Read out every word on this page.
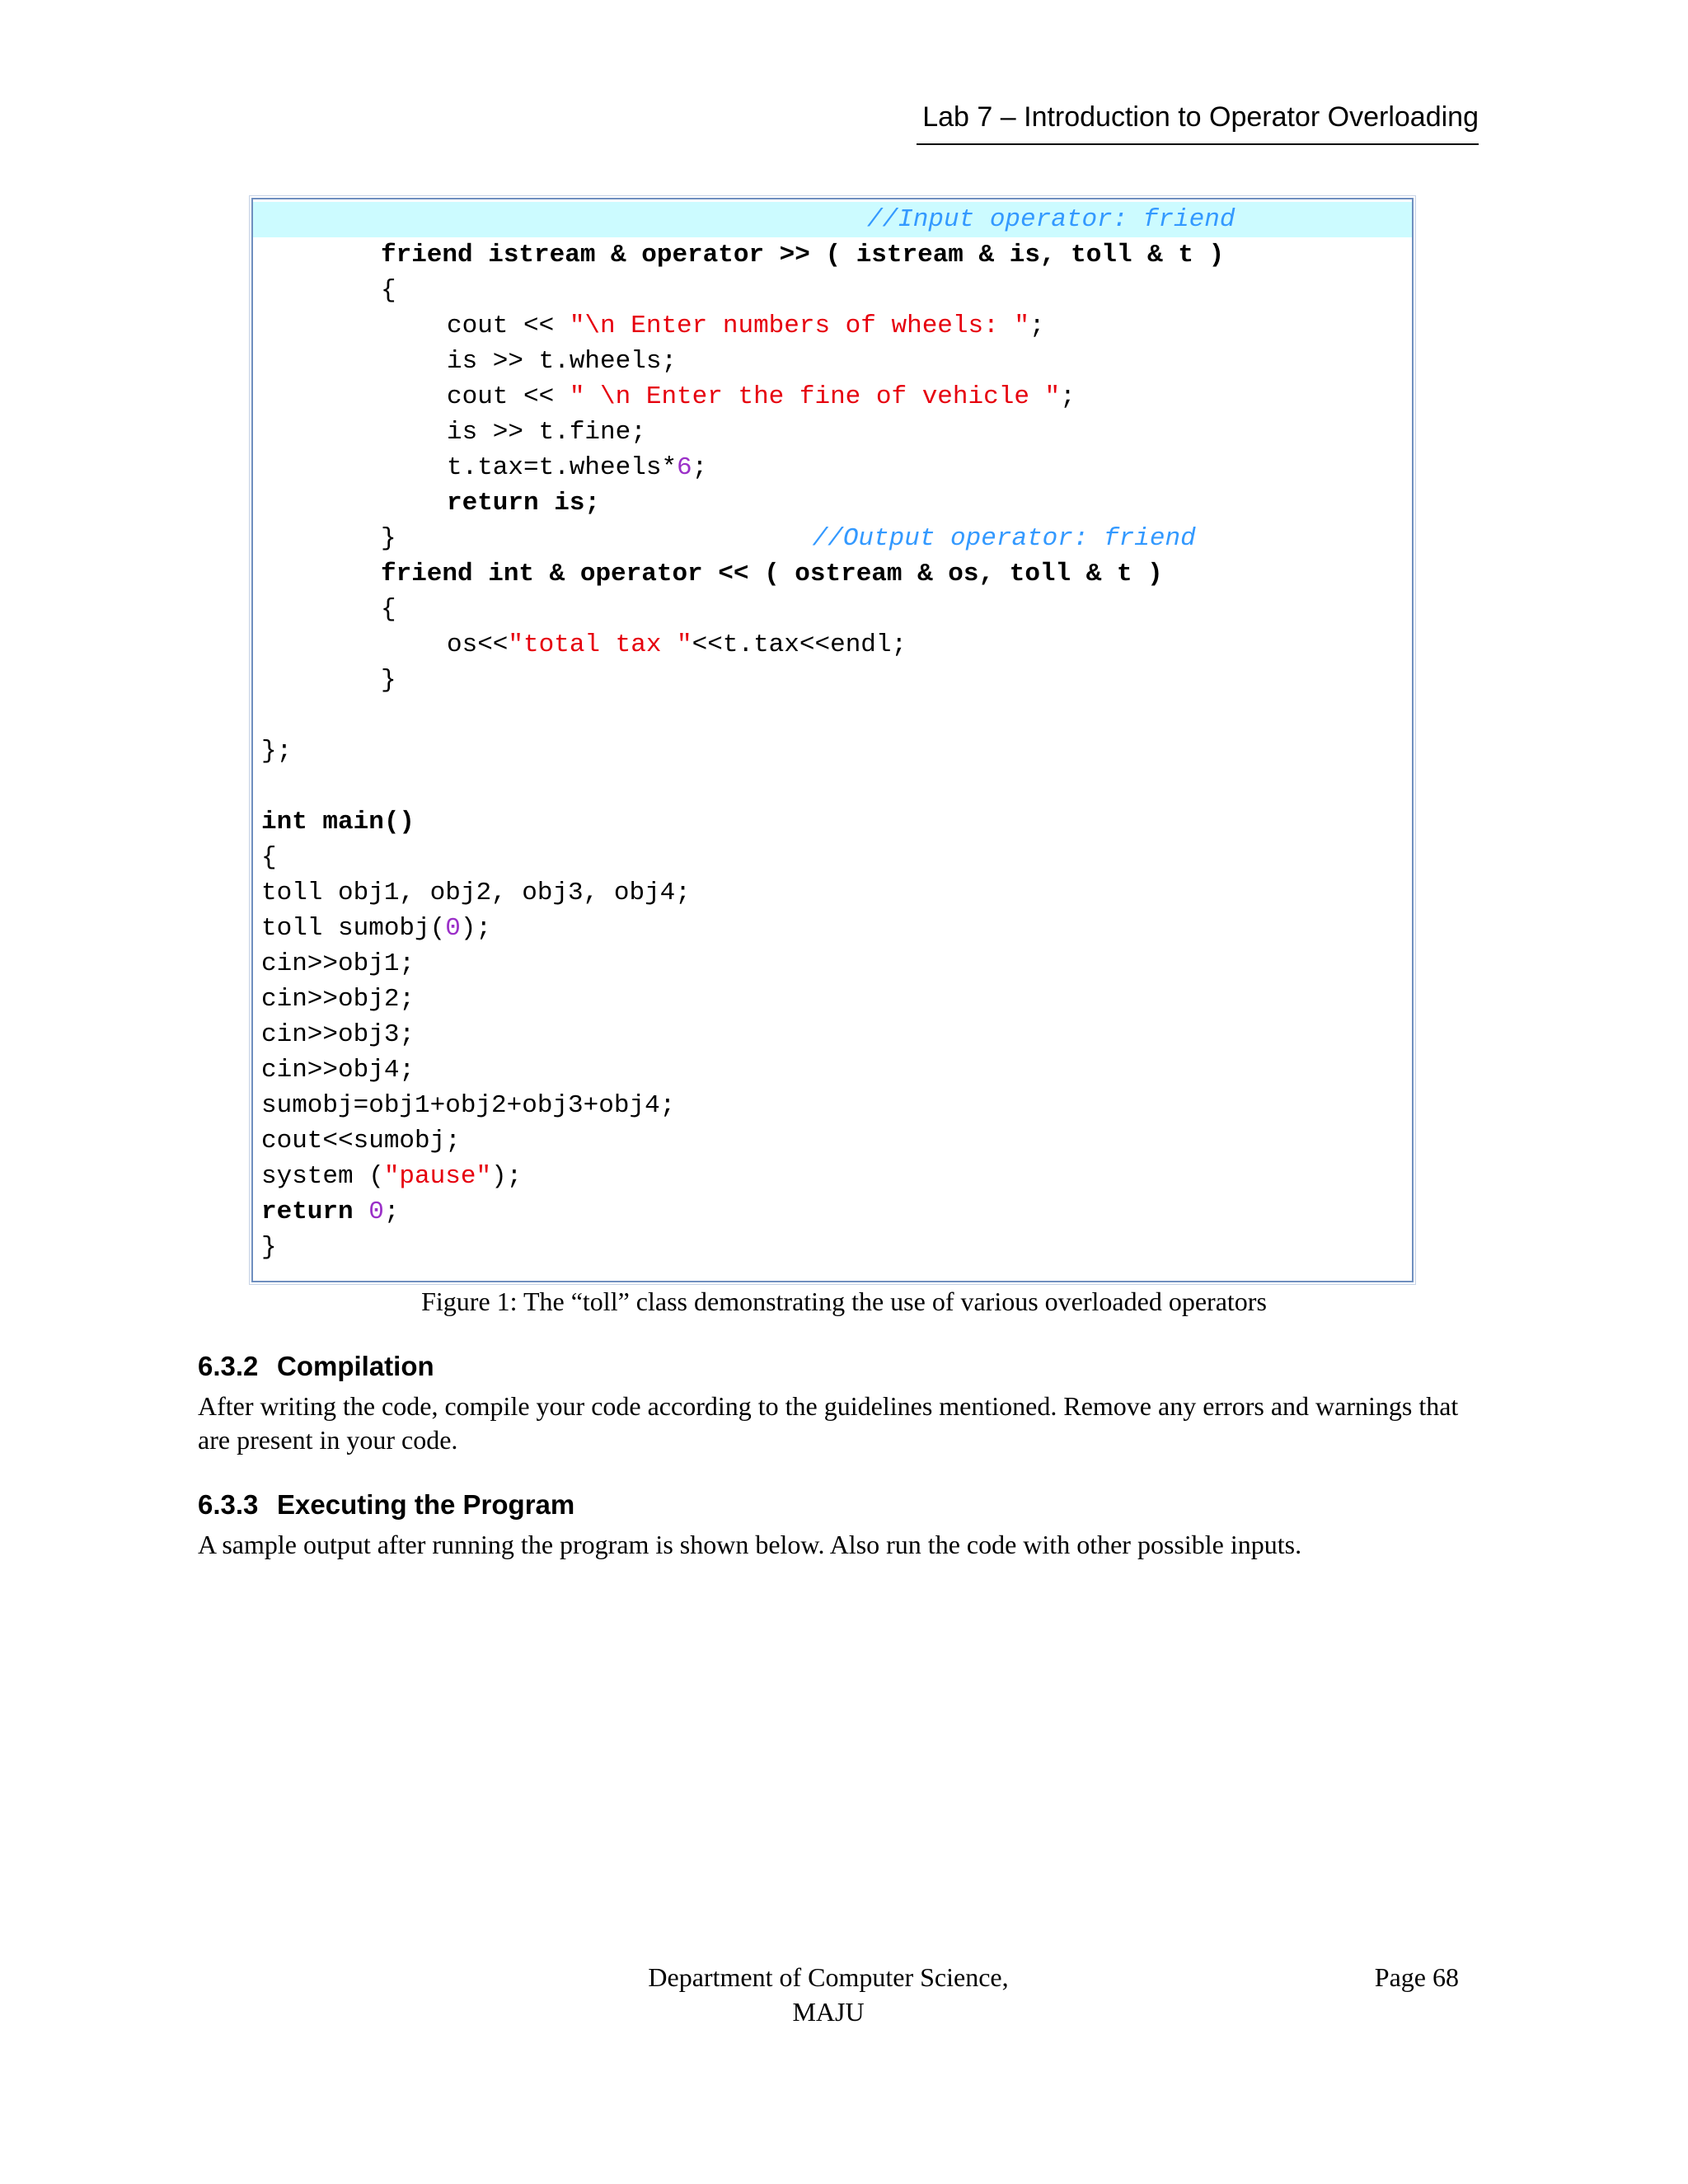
Lab 7 – Introduction to Operator Overloading
//Input operator: friend
friend istream & operator >> ( istream & is, toll & t )
{
cout << "\n Enter numbers of wheels: ";
is >> t.wheels;
cout << " \n Enter the fine of vehicle ";
is >> t.fine;
t.tax=t.wheels*6;
return is;
}	//Output operator: friend
friend int & operator << ( ostream & os, toll & t )
{
os<<"total tax "<<t.tax<<endl;
}
};
int main()
{
toll obj1, obj2, obj3, obj4;
toll sumobj(0);
cin>>obj1;
cin>>obj2;
cin>>obj3;
cin>>obj4;
sumobj=obj1+obj2+obj3+obj4;
cout<<sumobj;
system ("pause");
return 0;
}
Figure 1: The “toll” class demonstrating the use of various overloaded operators
6.3.2 Compilation
After writing the code, compile your code according to the guidelines mentioned. Remove any errors and warnings that are present in your code.
6.3.3 Executing the Program
A sample output after running the program is shown below. Also run the code with other possible inputs.
Department of Computer Science,
MAJU
Page 68
